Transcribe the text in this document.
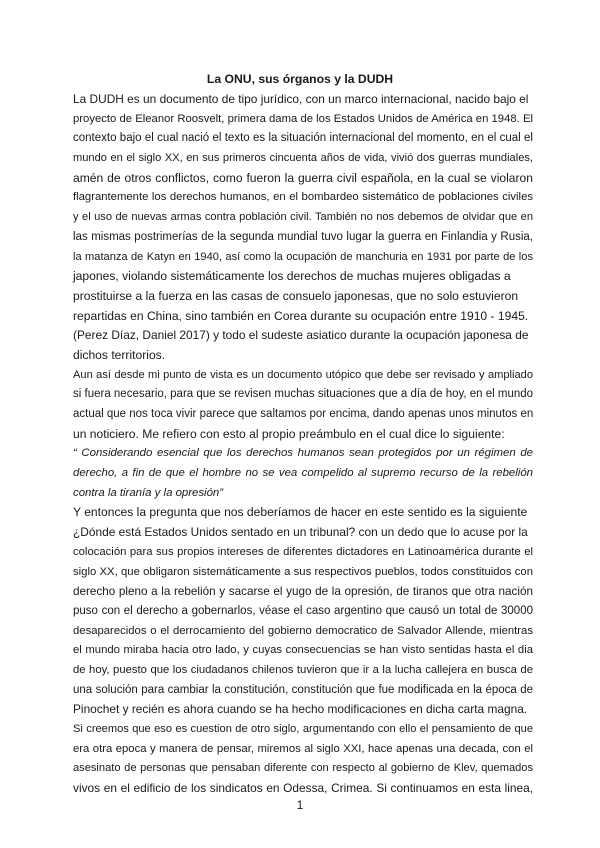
La ONU, sus órganos y la DUDH
La DUDH es un documento de tipo jurídico, con un marco internacional, nacido bajo el
proyecto de Eleanor Roosvelt, primera dama de los Estados Unidos de América en 1948. El
contexto bajo el cual nació el texto es la situación internacional del momento, en el cual el
mundo en el siglo XX, en sus primeros cincuenta años de vida, vivió dos guerras mundiales,
amén de otros conflictos, como fueron la guerra civil española, en la cual se violaron
flagrantemente los derechos humanos, en el bombardeo sistemático de poblaciones civiles
y el uso de nuevas armas contra población civil. También no nos debemos de olvidar que en
las mismas postrimerías de la segunda mundial tuvo lugar la guerra en Finlandia y Rusia,
la matanza de Katyn en 1940, así como la ocupación de manchuria en 1931 por parte de los
japones, violando sistemáticamente los derechos de muchas mujeres obligadas a
prostituirse a la fuerza en las casas de consuelo japonesas, que no solo estuvieron
repartidas en China, sino también en Corea durante su ocupación entre 1910 - 1945.
(Perez Díaz, Daniel 2017) y todo el sudeste asiatico durante la ocupación japonesa de
dichos territorios.
Aun así desde mi punto de vista es un documento utópico que debe ser revisado y ampliado
si fuera necesario, para que se revisen muchas situaciones que a día de hoy, en el mundo
actual que nos toca vivir parece que saltamos por encima, dando apenas unos minutos en
un noticiero. Me refiero con esto al propio preámbulo en el cual dice lo siguiente:
“ Considerando esencial que los derechos humanos sean protegidos por un régimen de
derecho, a fin de que el hombre no se vea compelido al supremo recurso de la rebelión
contra la tiranía y la opresión”
Y entonces la pregunta que nos deberíamos de hacer en este sentido es la siguiente
¿Dónde está Estados Unidos sentado en un tribunal? con un dedo que lo acuse por la
colocación para sus propios intereses de diferentes dictadores en Latinoamérica durante el
siglo XX, que obligaron sistemáticamente a sus respectivos pueblos, todos constituidos con
derecho pleno a la rebelión y sacarse el yugo de la opresión, de tiranos que otra nación
puso con el derecho a gobernarlos, véase el caso argentino que causó un total de 30000
desaparecidos o el derrocamiento del gobierno democratico de Salvador Allende, mientras
el mundo miraba hacia otro lado, y cuyas consecuencias se han visto sentidas hasta el dia
de hoy, puesto que los ciudadanos chilenos tuvieron que ir a la lucha callejera en busca de
una solución para cambiar la constitución, constitución que fue modificada en la época de
Pinochet y recién es ahora cuando se ha hecho modificaciones en dicha carta magna.
Si creemos que eso es cuestion de otro siglo, argumentando con ello el pensamiento de que
era otra epoca y manera de pensar, miremos al siglo XXI, hace apenas una decada, con el
asesinato de personas que pensaban diferente con respecto al gobierno de Klev, quemados
vivos en el edificio de los sindicatos en Odessa, Crimea. Si continuamos en esta linea,
1
